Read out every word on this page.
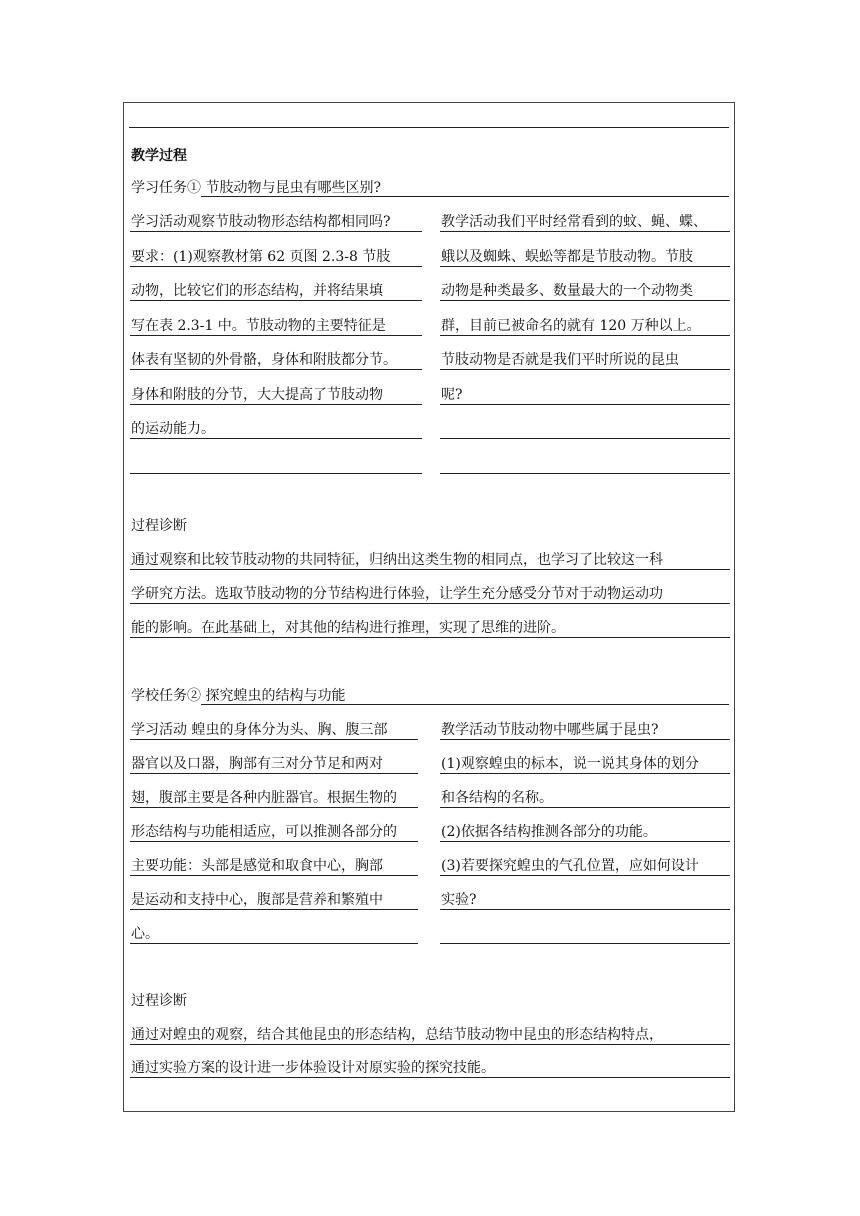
教学过程
学习任务① 节肢动物与昆虫有哪些区别?
学习活动观察节肢动物形态结构都相同吗?
要求：(1)观察教材第 62 页图 2.3-8 节肢
动物，比较它们的形态结构，并将结果填
写在表 2.3-1 中。节肢动物的主要特征是
体表有坚韧的外骨骼，身体和附肢都分节。
身体和附肢的分节，大大提高了节肢动物
的运动能力。
教学活动我们平时经常看到的蚊、蝇、蝶、
蛾以及蜘蛛、蜈蚣等都是节肢动物。节肢
动物是种类最多、数量最大的一个动物类
群，目前已被命名的就有 120 万种以上。
节肢动物是否就是我们平时所说的昆虫
呢?
过程诊断
通过观察和比较节肢动物的共同特征，归纳出这类生物的相同点，也学习了比较这一科
学研究方法。选取节肢动物的分节结构进行体验，让学生充分感受分节对于动物运动功
能的影响。在此基础上，对其他的结构进行推理，实现了思维的进阶。
学校任务② 探究蝗虫的结构与功能
学习活动 蝗虫的身体分为头、胸、腹三部
器官以及口器，胸部有三对分节足和两对
翅，腹部主要是各种内脏器官。根据生物的
形态结构与功能相适应，可以推测各部分的
主要功能：头部是感觉和取食中心，胸部
是运动和支持中心，腹部是营养和繁殖中
心。
教学活动节肢动物中哪些属于昆虫?
(1)观察蝗虫的标本，说一说其身体的划分
和各结构的名称。
(2)依据各结构推测各部分的功能。
(3)若要探究蝗虫的气孔位置，应如何设计
实验?
过程诊断
通过对蝗虫的观察，结合其他昆虫的形态结构，总结节肢动物中昆虫的形态结构特点，
通过实验方案的设计进一步体验设计对原实验的探究技能。
